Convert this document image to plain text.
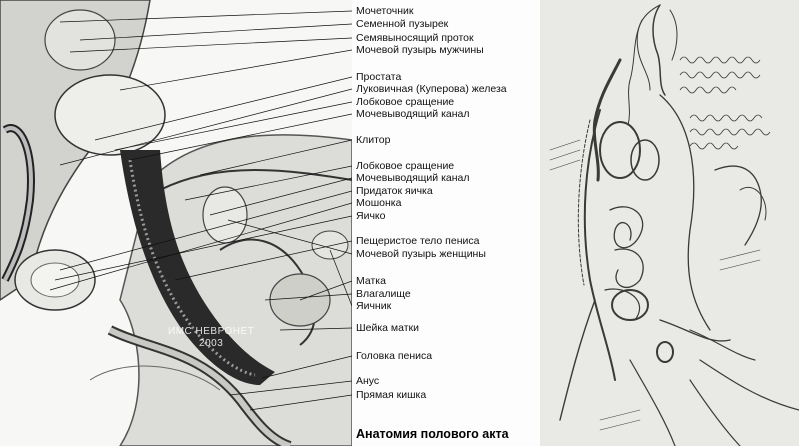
ИМС НЕВРОНЕТ
2003
Мочеточник
Семенной пузырек
Семявыносящий проток
Мочевой пузырь мужчины
Простата
Луковичная (Куперова) железа
Лобковое сращение
Мочевыводящий канал
Клитор
Лобковое сращение
Мочевыводящий канал
Придаток яичка
Мошонка
Яичко
Пещеристое тело пениса
Мочевой пузырь женщины
Матка
Влагалище
Яичник
Шейка матки
Головка пениса
Анус
Прямая кишка
Анатомия полового акта
